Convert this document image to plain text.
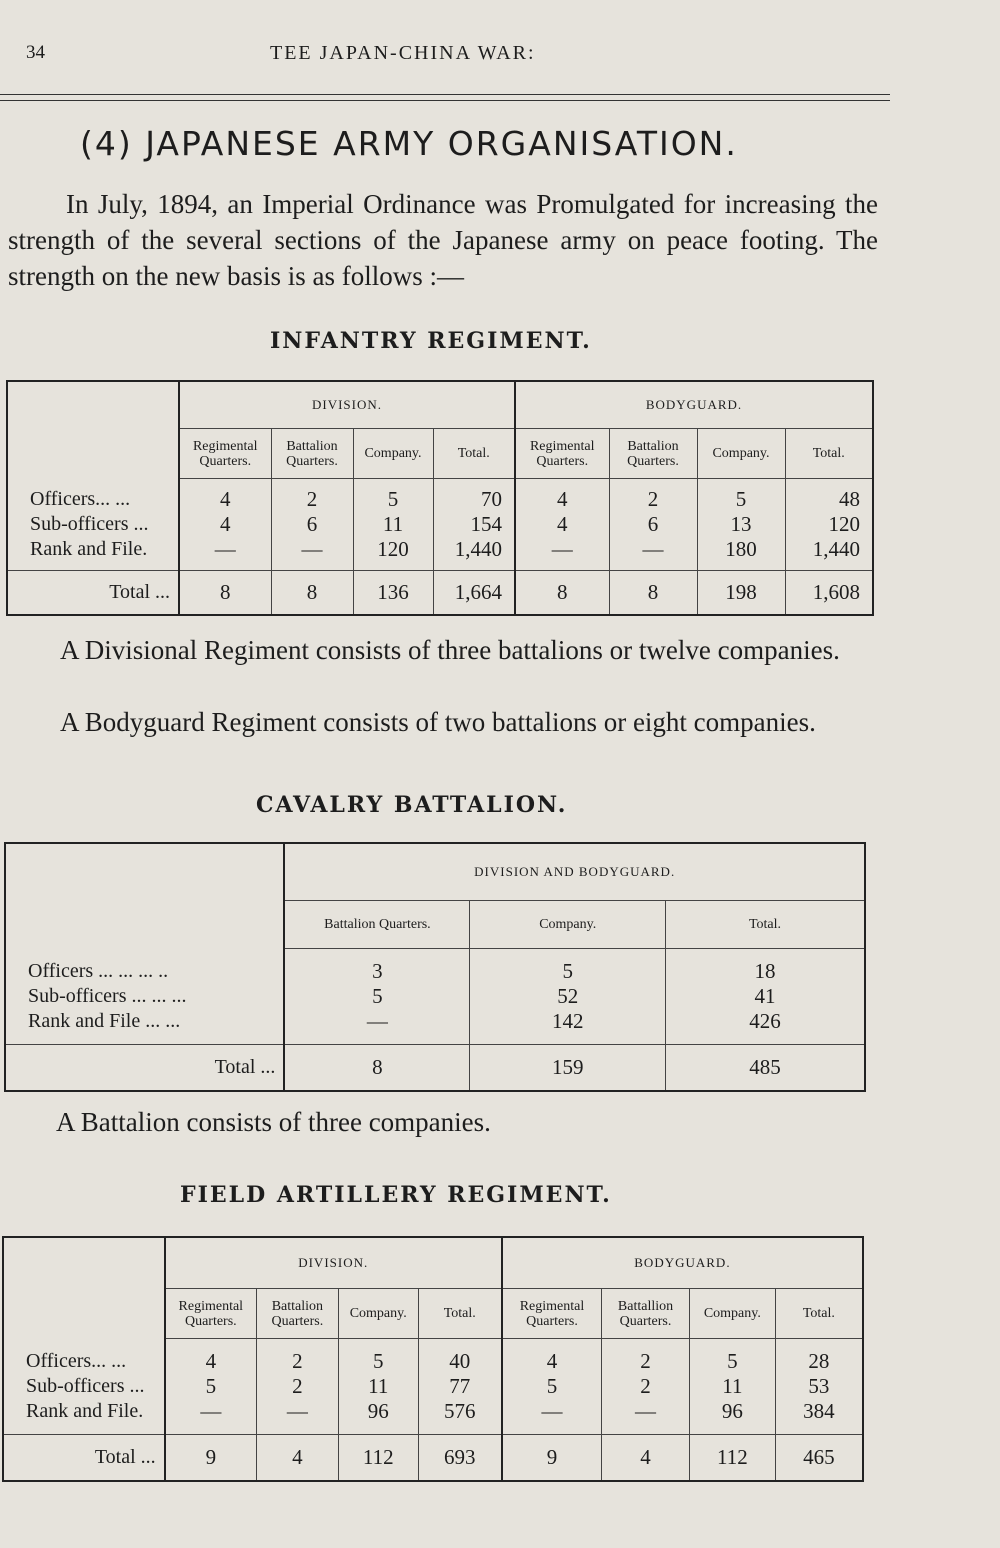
34	TEE JAPAN-CHINA WAR:
(4) JAPANESE ARMY ORGANISATION.
In July, 1894, an Imperial Ordinance was Promulgated for increasing the strength of the several sections of the Japanese army on peace footing. The strength on the new basis is as follows :—
INFANTRY REGIMENT.
	DIVISION.				BODYGUARD.			
	Regimental Quarters.	Battalion Quarters.	Company.	Total.	Regimental Quarters.	Battalion Quarters.	Company.	Total.
Officers... ...	4	2	5	70	4	2	5	48
Sub-officers ...	4	6	11	154	4	6	13	120
Rank and File.	—	—	120	1,440	—	—	180	1,440
Total ...	8	8	136	1,664	8	8	198	1,608
A Divisional Regiment consists of three battalions or twelve companies.
A Bodyguard Regiment consists of two battalions or eight companies.
CAVALRY BATTALION.
	DIVISION AND BODYGUARD.		
	Battalion Quarters.	Company.	Total.
Officers ... ... ... ..	3	5	18
Sub-officers ... ... ...	5	52	41
Rank and File ... ...	—	142	426
Total ...	8	159	485
A Battalion consists of three companies.
FIELD ARTILLERY REGIMENT.
	DIVISION.				BODYGUARD.			
	Regimental Quarters.	Battalion Quarters.	Company.	Total.	Regimental Quarters.	Battallion Quarters.	Company.	Total.
Officers... ...	4	2	5	40	4	2	5	28
Sub-officers ...	5	2	11	77	5	2	11	53
Rank and File.	—	—	96	576	—	—	96	384
Total ...	9	4	112	693	9	4	112	465
